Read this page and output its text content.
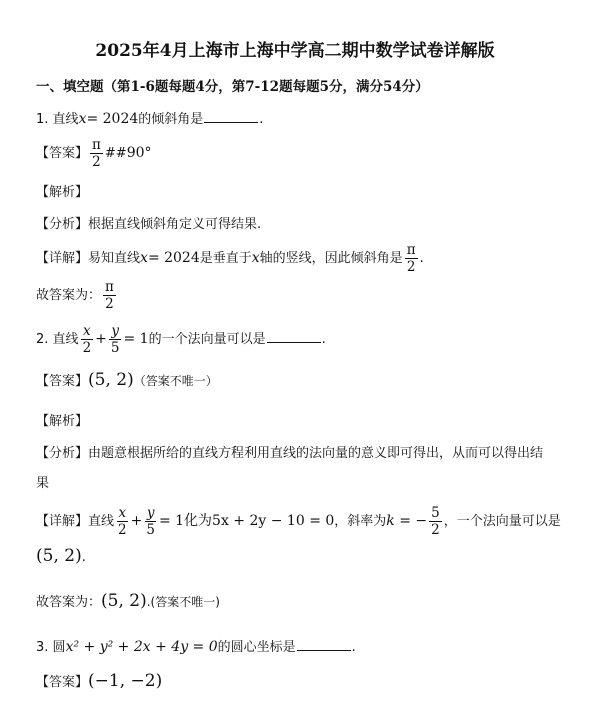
2025年4月上海市上海中学高二期中数学试卷详解版
一、填空题（第1-6题每题4分，第7-12题每题5分，满分54分）
1. 直线x= 2024的倾斜角是	.
【答案】 $\frac{\pi}{2}$ ##90°
【解析】
【分析】根据直线倾斜角定义可得结果.
【详解】易知直线x= 2024是垂直于x轴的竖线，因此倾斜角是 $\frac{\pi}{2}$ .
故答案为： $\frac{\pi}{2}$
2. 直线 $\frac{x}{2} + \frac{y}{5} = 1$的一个法向量可以是	.
【答案】(5, 2)（答案不唯一）
【解析】
【分析】由题意根据所给的直线方程利用直线的法向量的意义即可得出，从而可以得出结
果
【详解】直线 $\frac{x}{2} + \frac{y}{5} = 1$化为5x + 2y − 10 = 0，斜率为k = − $\frac{5}{2}$ ，一个法向量可以是
(5, 2).
故答案为：(5, 2).(答案不唯一)
3. 圆x² + y² + 2x + 4y = 0的圆心坐标是	.
【答案】(−1, −2)
